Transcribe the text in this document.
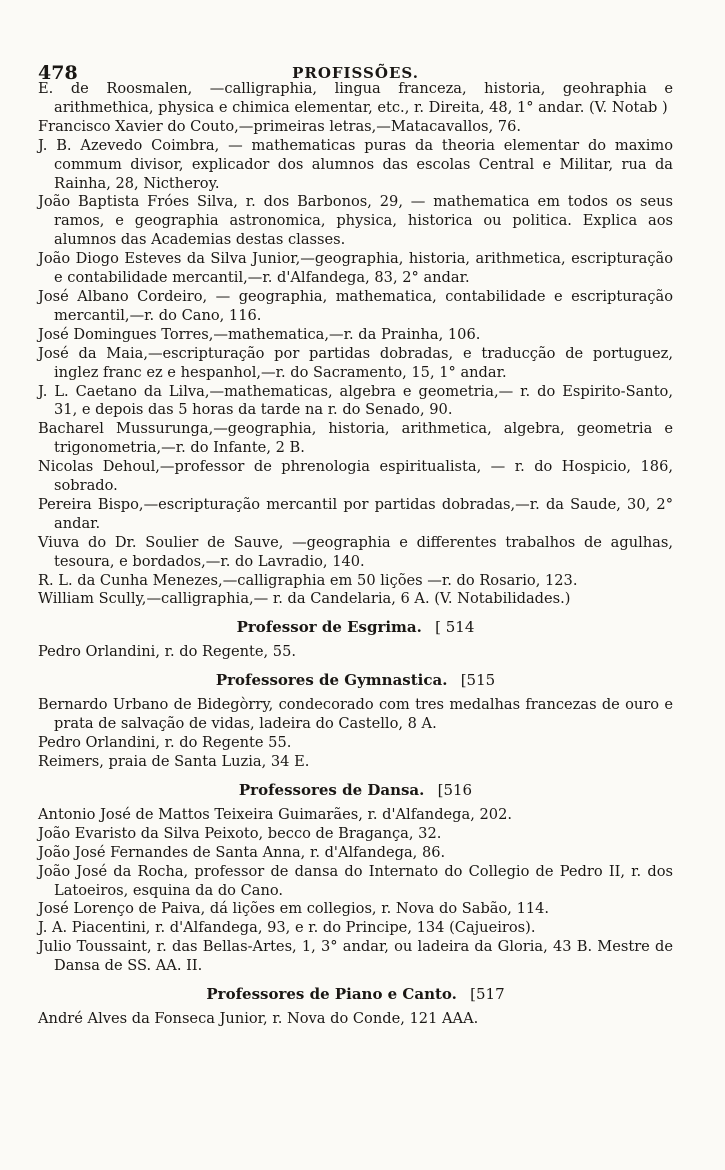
478	PROFISSÕES.

E. de Roosmalen, —calligraphia, lingua franceza, historia, geohraphia e arithmethica, physica e chimica elementar, etc., r. Direita, 48, 1° andar. (V. Notab )

Francisco Xavier do Couto,—primeiras letras,—Matacavallos, 76.

J. B. Azevedo Coimbra, — mathematicas puras da theoria elementar do maximo commum divisor, explicador dos alumnos das escolas Central e Militar, rua da Rainha, 28, Nictheroy.

João Baptista Fróes Silva, r. dos Barbonos, 29, — mathematica em todos os seus ramos, e geographia astronomica, physica, historica ou politica. Explica aos alumnos das Academias destas classes.

João Diogo Esteves da Silva Junior,—geographia, historia, arithmetica, escripturação e contabilidade mercantil,—r. d'Alfandega, 83, 2° andar.

José Albano Cordeiro, — geographia, mathematica, contabilidade e escripturação mercantil,—r. do Cano, 116.

José Domingues Torres,—mathematica,—r. da Prainha, 106.

José da Maia,—escripturação por partidas dobradas, e traducção de portuguez, inglez franc ez e hespanhol,—r. do Sacramento, 15, 1° andar.

J. L. Caetano da Lilva,—mathematicas, algebra e geometria,— r. do Espirito-Santo, 31, e depois das 5 horas da tarde na r. do Senado, 90.

Bacharel Mussurunga,—geographia, historia, arithmetica, algebra, geometria e trigonometria,—r. do Infante, 2 B.

Nicolas Dehoul,—professor de phrenologia espiritualista, — r. do Hospicio, 186, sobrado.

Pereira Bispo,—escripturação mercantil por partidas dobradas,—r. da Saude, 30, 2° andar.

Viuva do Dr. Soulier de Sauve, —geographia e differentes trabalhos de agulhas, tesoura, e bordados,—r. do Lavradio, 140.

R. L. da Cunha Menezes,—calligraphia em 50 lições —r. do Rosario, 123.

William Scully,—calligraphia,— r. da Candelaria, 6 A. (V. Notabilidades.)

Professor de Esgrima. [ 514

Pedro Orlandini, r. do Regente, 55.

Professores de Gymnastica. [515

Bernardo Urbano de Bidegòrry, condecorado com tres medalhas francezas de ouro e prata de salvação de vidas, ladeira do Castello, 8 A.

Pedro Orlandini, r. do Regente 55.

Reimers, praia de Santa Luzia, 34 E.

Professores de Dansa. [516

Antonio José de Mattos Teixeira Guimarães, r. d'Alfandega, 202.

João Evaristo da Silva Peixoto, becco de Bragança, 32.

João José Fernandes de Santa Anna, r. d'Alfandega, 86.

João José da Rocha, professor de dansa do Internato do Collegio de Pedro II, r. dos Latoeiros, esquina da do Cano.

José Lorenço de Paiva, dá lições em collegios, r. Nova do Sabão, 114.

J. A. Piacentini, r. d'Alfandega, 93, e r. do Principe, 134 (Cajueiros).

Julio Toussaint, r. das Bellas-Artes, 1, 3° andar, ou ladeira da Gloria, 43 B. Mestre de Dansa de SS. AA. II.

Professores de Piano e Canto. [517

André Alves da Fonseca Junior, r. Nova do Conde, 121 AAA.
